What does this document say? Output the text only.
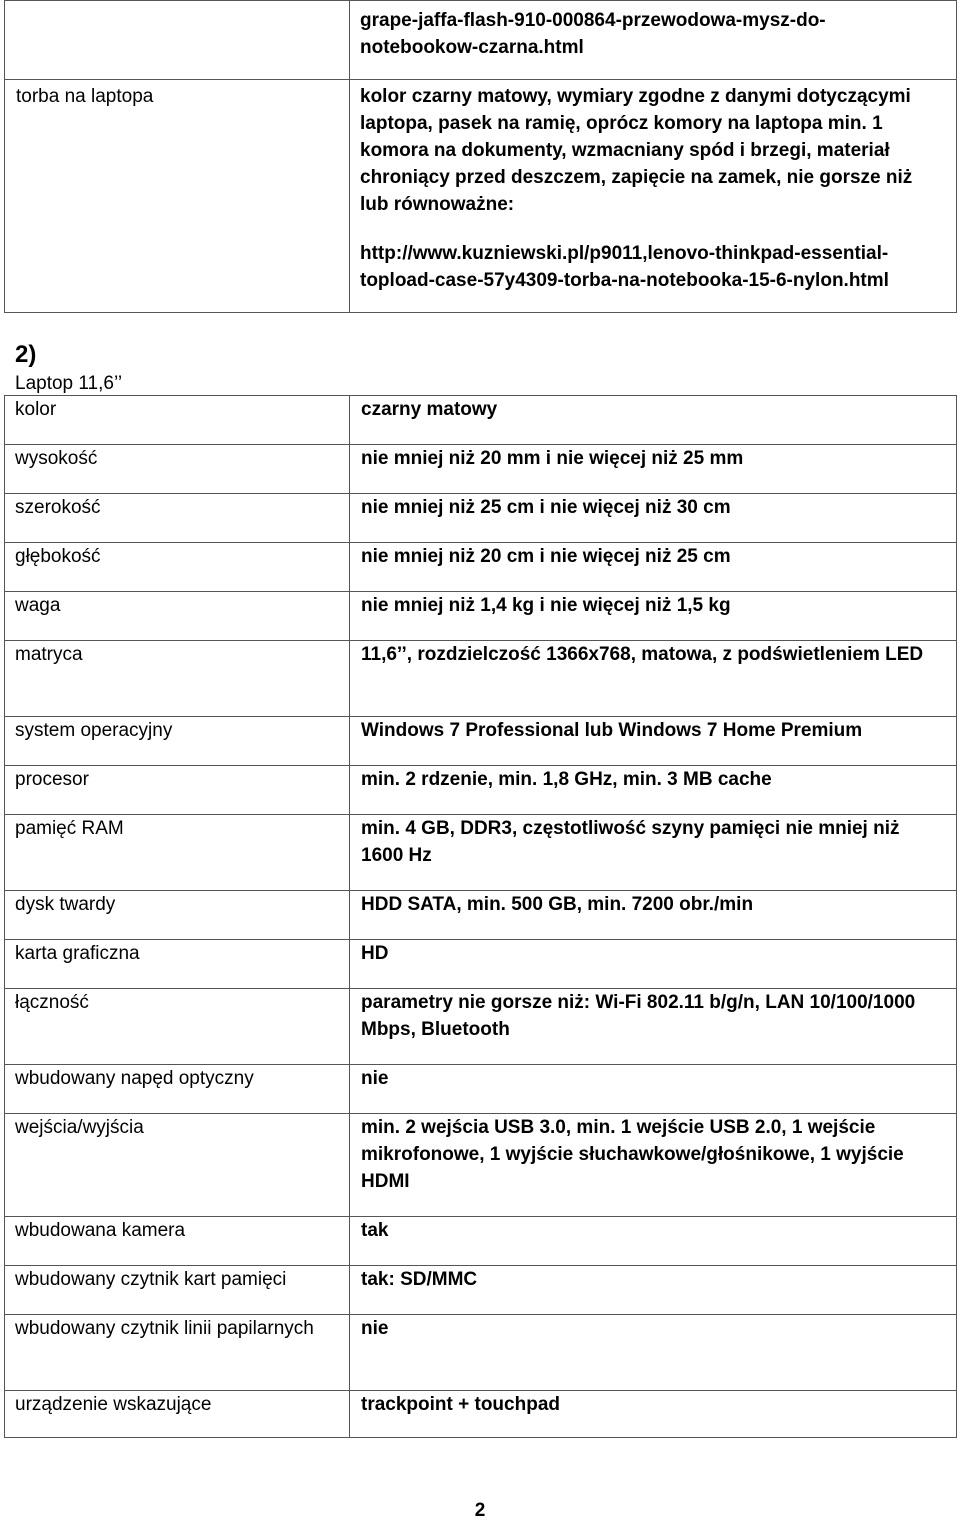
	grape-jaffa-flash-910-000864-przewodowa-mysz-do-

notebookow-czarna.html

torba na laptopa	kolor czarny matowy, wymiary zgodne z danymi dotyczącymi laptopa, pasek na ramię, oprócz komory na laptopa min. 1 komora na dokumenty, wzmacniany spód i brzegi, materiał chroniący przed deszczem, zapięcie na zamek, nie gorsze niż lub równoważne:

http://www.kuzniewski.pl/p9011,lenovo-thinkpad-essential-

topload-case-57y4309-torba-na-notebooka-15-6-nylon.html

2)
Laptop 11,6’’
kolor	czarny matowy
wysokość	nie mniej niż 20 mm i nie więcej niż 25 mm
szerokość	nie mniej niż 25 cm i nie więcej niż 30 cm
głębokość	nie mniej niż 20 cm i nie więcej niż 25 cm
waga	nie mniej niż 1,4 kg i nie więcej niż 1,5 kg
matryca	11,6’’, rozdzielczość 1366x768, matowa, z podświetleniem LED
system operacyjny	Windows 7 Professional lub Windows 7 Home Premium
procesor	min. 2 rdzenie, min. 1,8 GHz, min. 3 MB cache
pamięć RAM	min. 4 GB, DDR3, częstotliwość szyny pamięci nie mniej niż 1600 Hz
dysk twardy	HDD SATA, min. 500 GB, min. 7200 obr./min
karta graficzna	HD
łączność	parametry nie gorsze niż: Wi-Fi 802.11 b/g/n, LAN 10/100/1000 Mbps, Bluetooth
wbudowany napęd optyczny	nie
wejścia/wyjścia	min. 2 wejścia USB 3.0, min. 1 wejście USB 2.0, 1 wejście mikrofonowe, 1 wyjście słuchawkowe/głośnikowe, 1 wyjście HDMI
wbudowana kamera	tak
wbudowany czytnik kart pamięci	tak: SD/MMC
wbudowany czytnik linii papilarnych	nie
urządzenie wskazujące	trackpoint + touchpad
2
